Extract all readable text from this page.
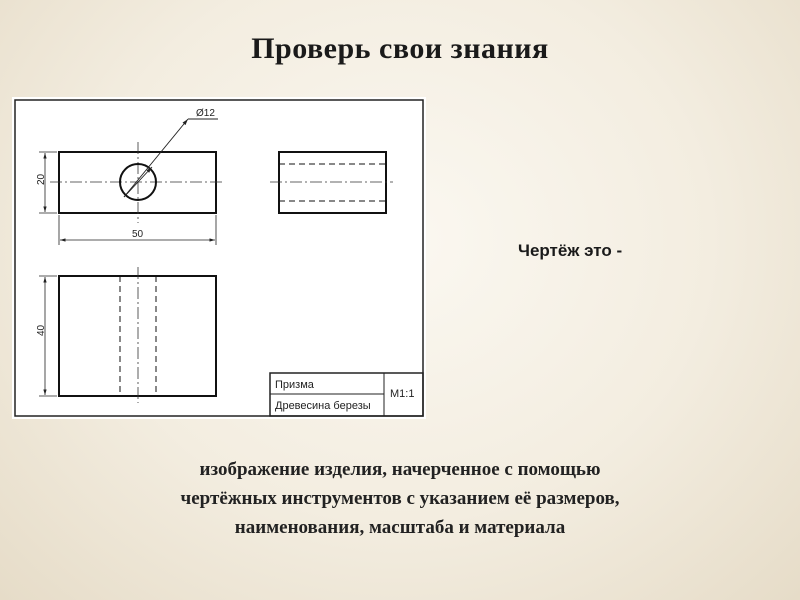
Проверь свои знания
Ø12
20
50
40
Призма
Древесина березы
М1:1
Чертёж это -
изображение изделия, начерченное с помощью
чертёжных инструментов с указанием её размеров,
наименования, масштаба и материала
